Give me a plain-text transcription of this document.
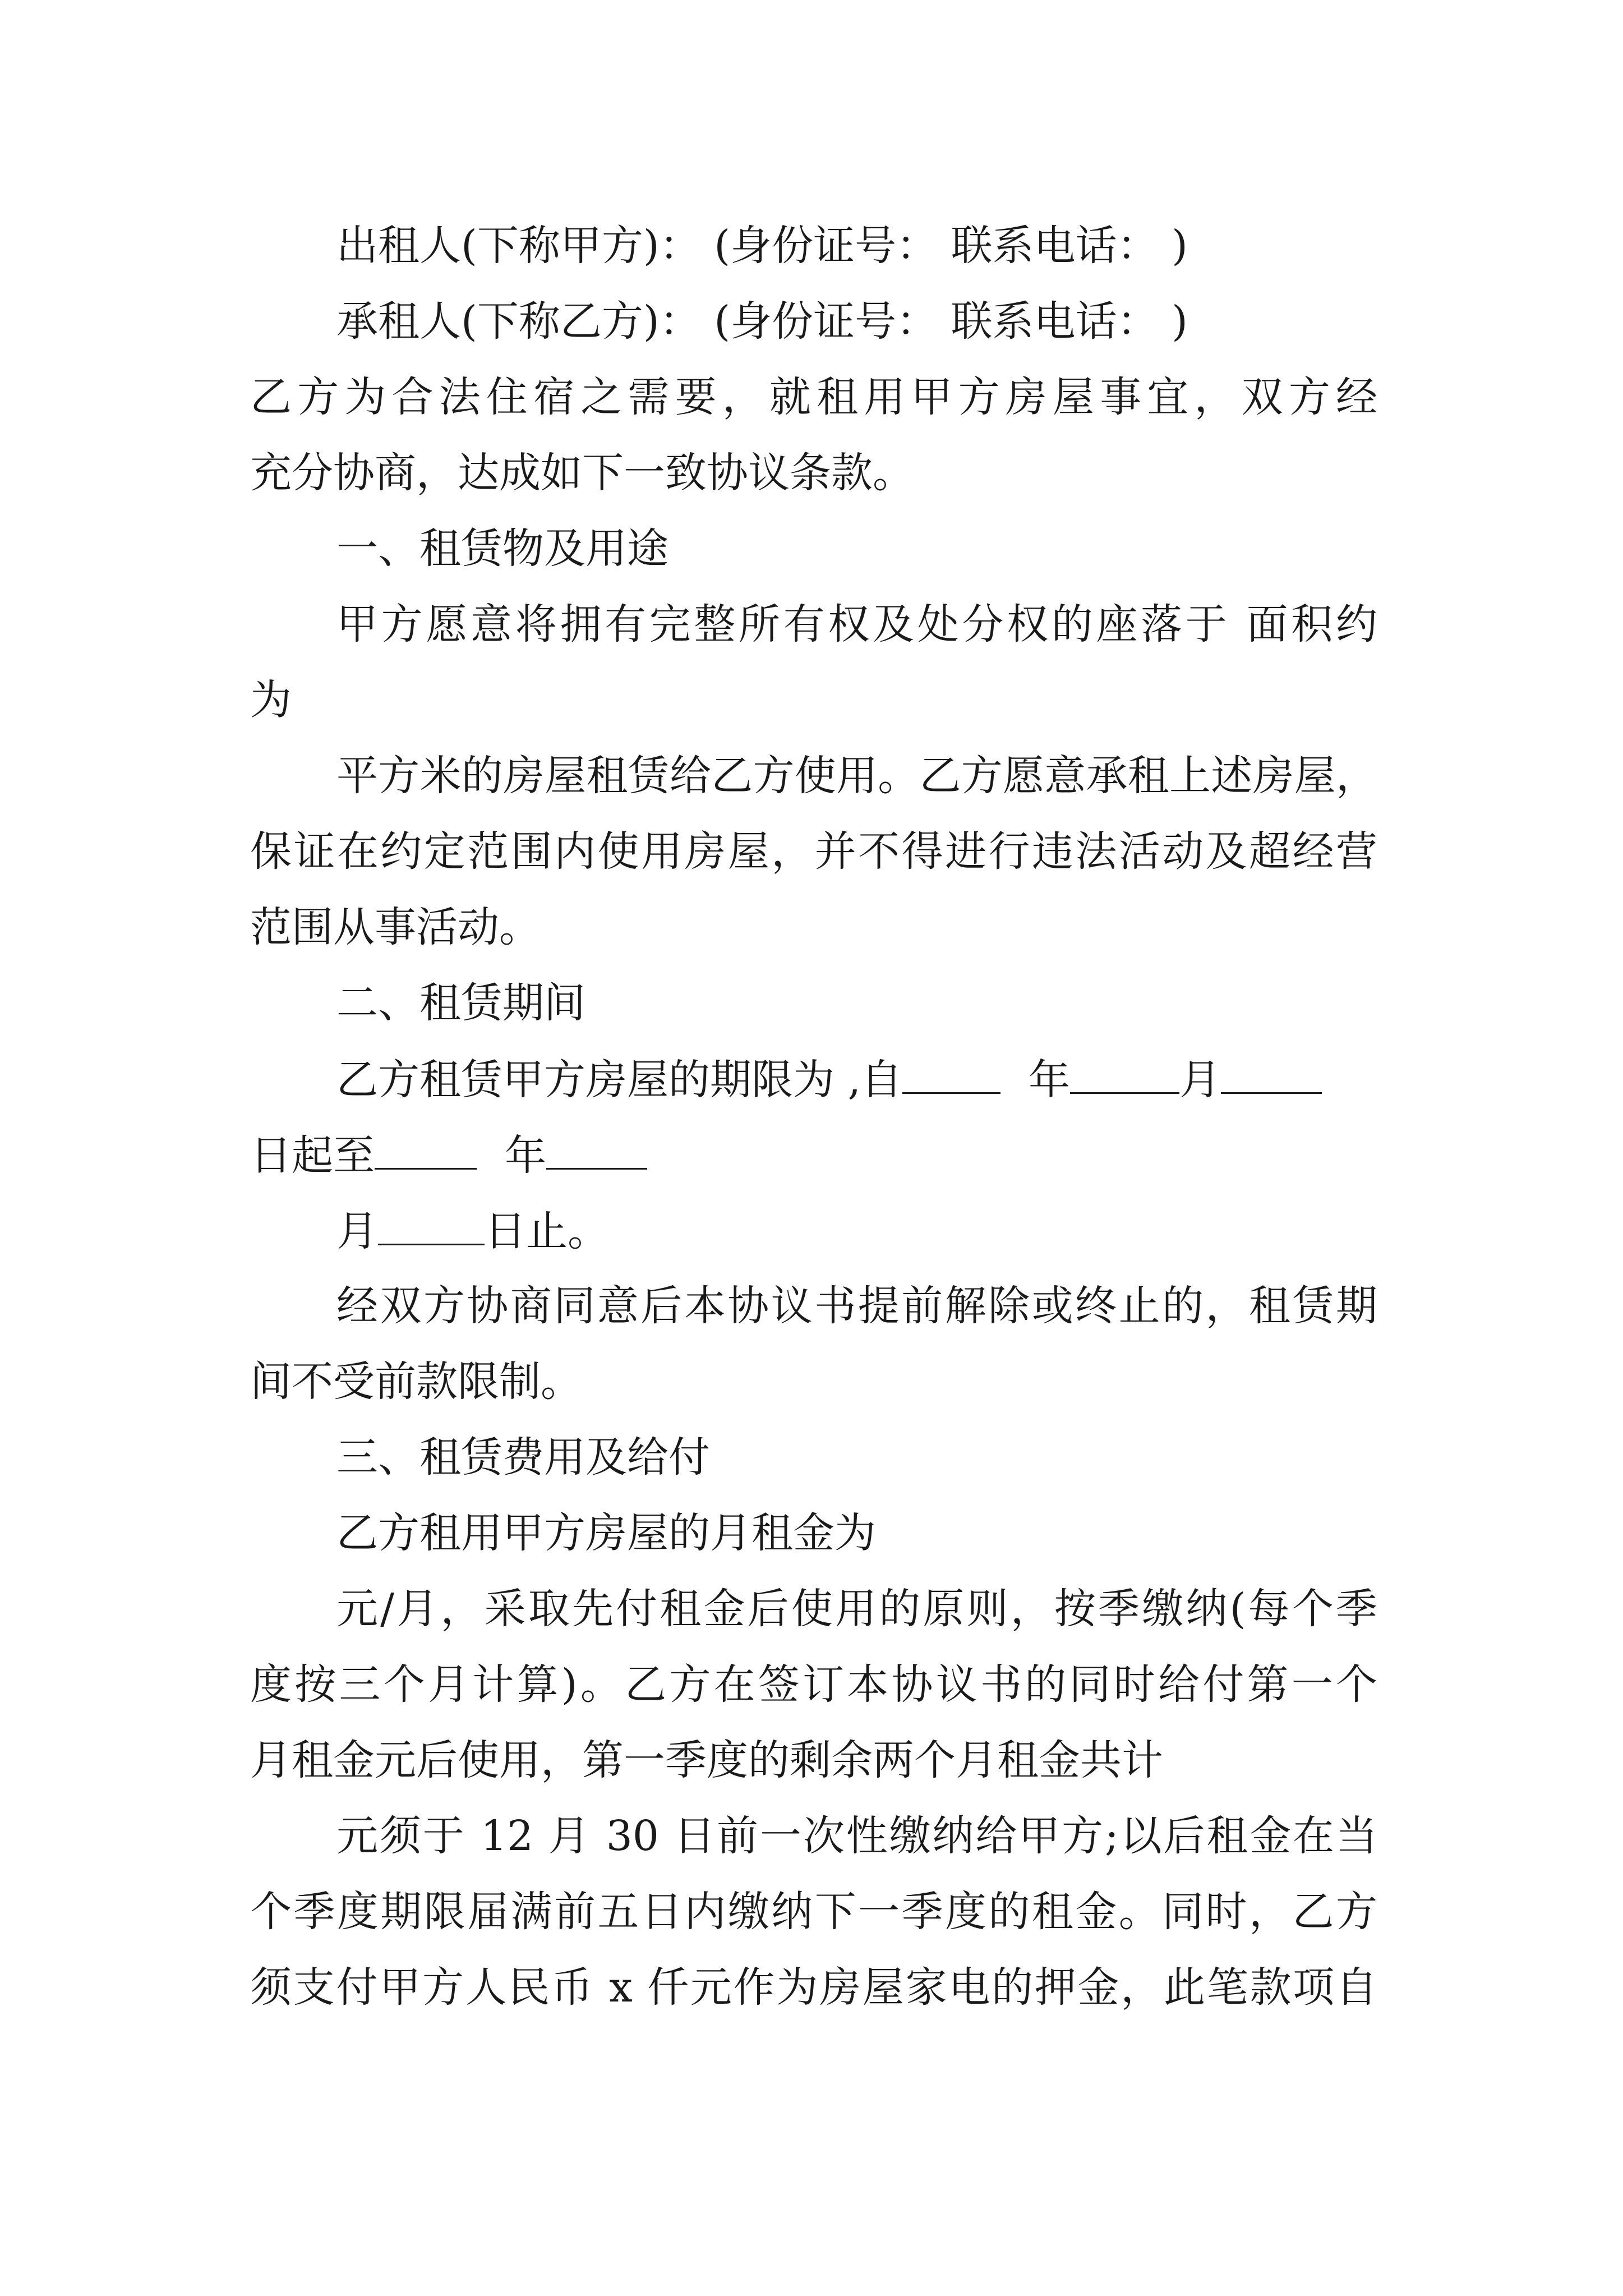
出租人(下称甲方)： (身份证号： 联系电话： )

承租人(下称乙方)： (身份证号： 联系电话： )

乙方为合法住宿之需要，就租用甲方房屋事宜，双方经

充分协商，达成如下一致协议条款。

一、租赁物及用途

甲方愿意将拥有完整所有权及处分权的座落于 面积约

为

平方米的房屋租赁给乙方使用。乙方愿意承租上述房屋，

保证在约定范围内使用房屋，并不得进行违法活动及超经营

范围从事活动。

二、租赁期间

乙方租赁甲方房屋的期限为 ,自	年	月
日起至	年
月	日止。

经双方协商同意后本协议书提前解除或终止的，租赁期

间不受前款限制。

三、租赁费用及给付

乙方租用甲方房屋的月租金为

元/月，采取先付租金后使用的原则，按季缴纳(每个季

度按三个月计算)。乙方在签订本协议书的同时给付第一个

月租金元后使用，第一季度的剩余两个月租金共计

元须于 12 月 30 日前一次性缴纳给甲方;以后租金在当

个季度期限届满前五日内缴纳下一季度的租金。同时，乙方

须支付甲方人民币 x 仟元作为房屋家电的押金，此笔款项自
